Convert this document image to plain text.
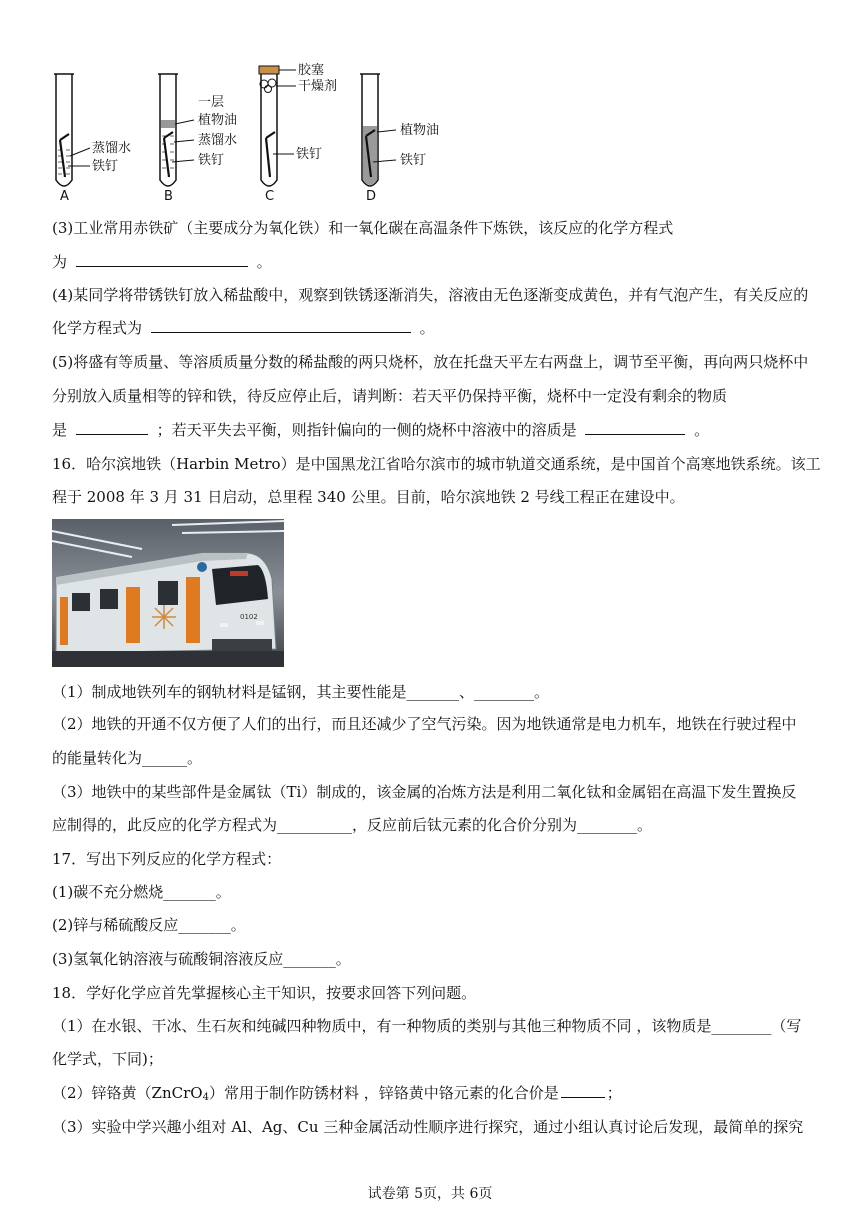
蒸馏水
铁钉
A
一层
植物油
蒸馏水
铁钉
B
胶塞
干燥剂
铁钉
C
植物油
铁钉
D
(3)工业常用赤铁矿（主要成分为氧化铁）和一氧化碳在高温条件下炼铁，该反应的化学方程式
为	。
(4)某同学将带锈铁钉放入稀盐酸中，观察到铁锈逐渐消失，溶液由无色逐渐变成黄色，并有气泡产生，有关反应的
化学方程式为	。
(5)将盛有等质量、等溶质质量分数的稀盐酸的两只烧杯，放在托盘天平左右两盘上，调节至平衡，再向两只烧杯中
分别放入质量相等的锌和铁，待反应停止后，请判断：若天平仍保持平衡，烧杯中一定没有剩余的物质
是	；若天平失去平衡，则指针偏向的一侧的烧杯中溶液中的溶质是	。
16．哈尔滨地铁（Harbin Metro）是中国黑龙江省哈尔滨市的城市轨道交通系统，是中国首个高寒地铁系统。该工
程于 2008 年 3 月 31 日启动，总里程 340 公里。目前，哈尔滨地铁 2 号线工程正在建设中。
0102
（1）制成地铁列车的钢轨材料是锰钢，其主要性能是_______、________。
（2）地铁的开通不仅方便了人们的出行，而且还减少了空气污染。因为地铁通常是电力机车，地铁在行驶过程中
的能量转化为______。
（3）地铁中的某些部件是金属钛（Ti）制成的，该金属的冶炼方法是利用二氧化钛和金属铝在高温下发生置换反
应制得的，此反应的化学方程式为__________，反应前后钛元素的化合价分别为________。
17．写出下列反应的化学方程式：
(1)碳不充分燃烧_______。
(2)锌与稀硫酸反应_______。
(3)氢氧化钠溶液与硫酸铜溶液反应_______。
18．学好化学应首先掌握核心主干知识，按要求回答下列问题。
（1）在水银、干冰、生石灰和纯碱四种物质中，有一种物质的类别与其他三种物质不同 ，该物质是________（写
化学式，下同)；
（2）锌铬黄（ZnCrO$_4$）常用于制作防锈材料 ，锌铬黄中铬元素的化合价是	；
（3）实验中学兴趣小组对 Al、Ag、Cu 三种金属活动性顺序进行探究，通过小组认真讨论后发现，最简单的探究
试卷第 5页，共 6页
